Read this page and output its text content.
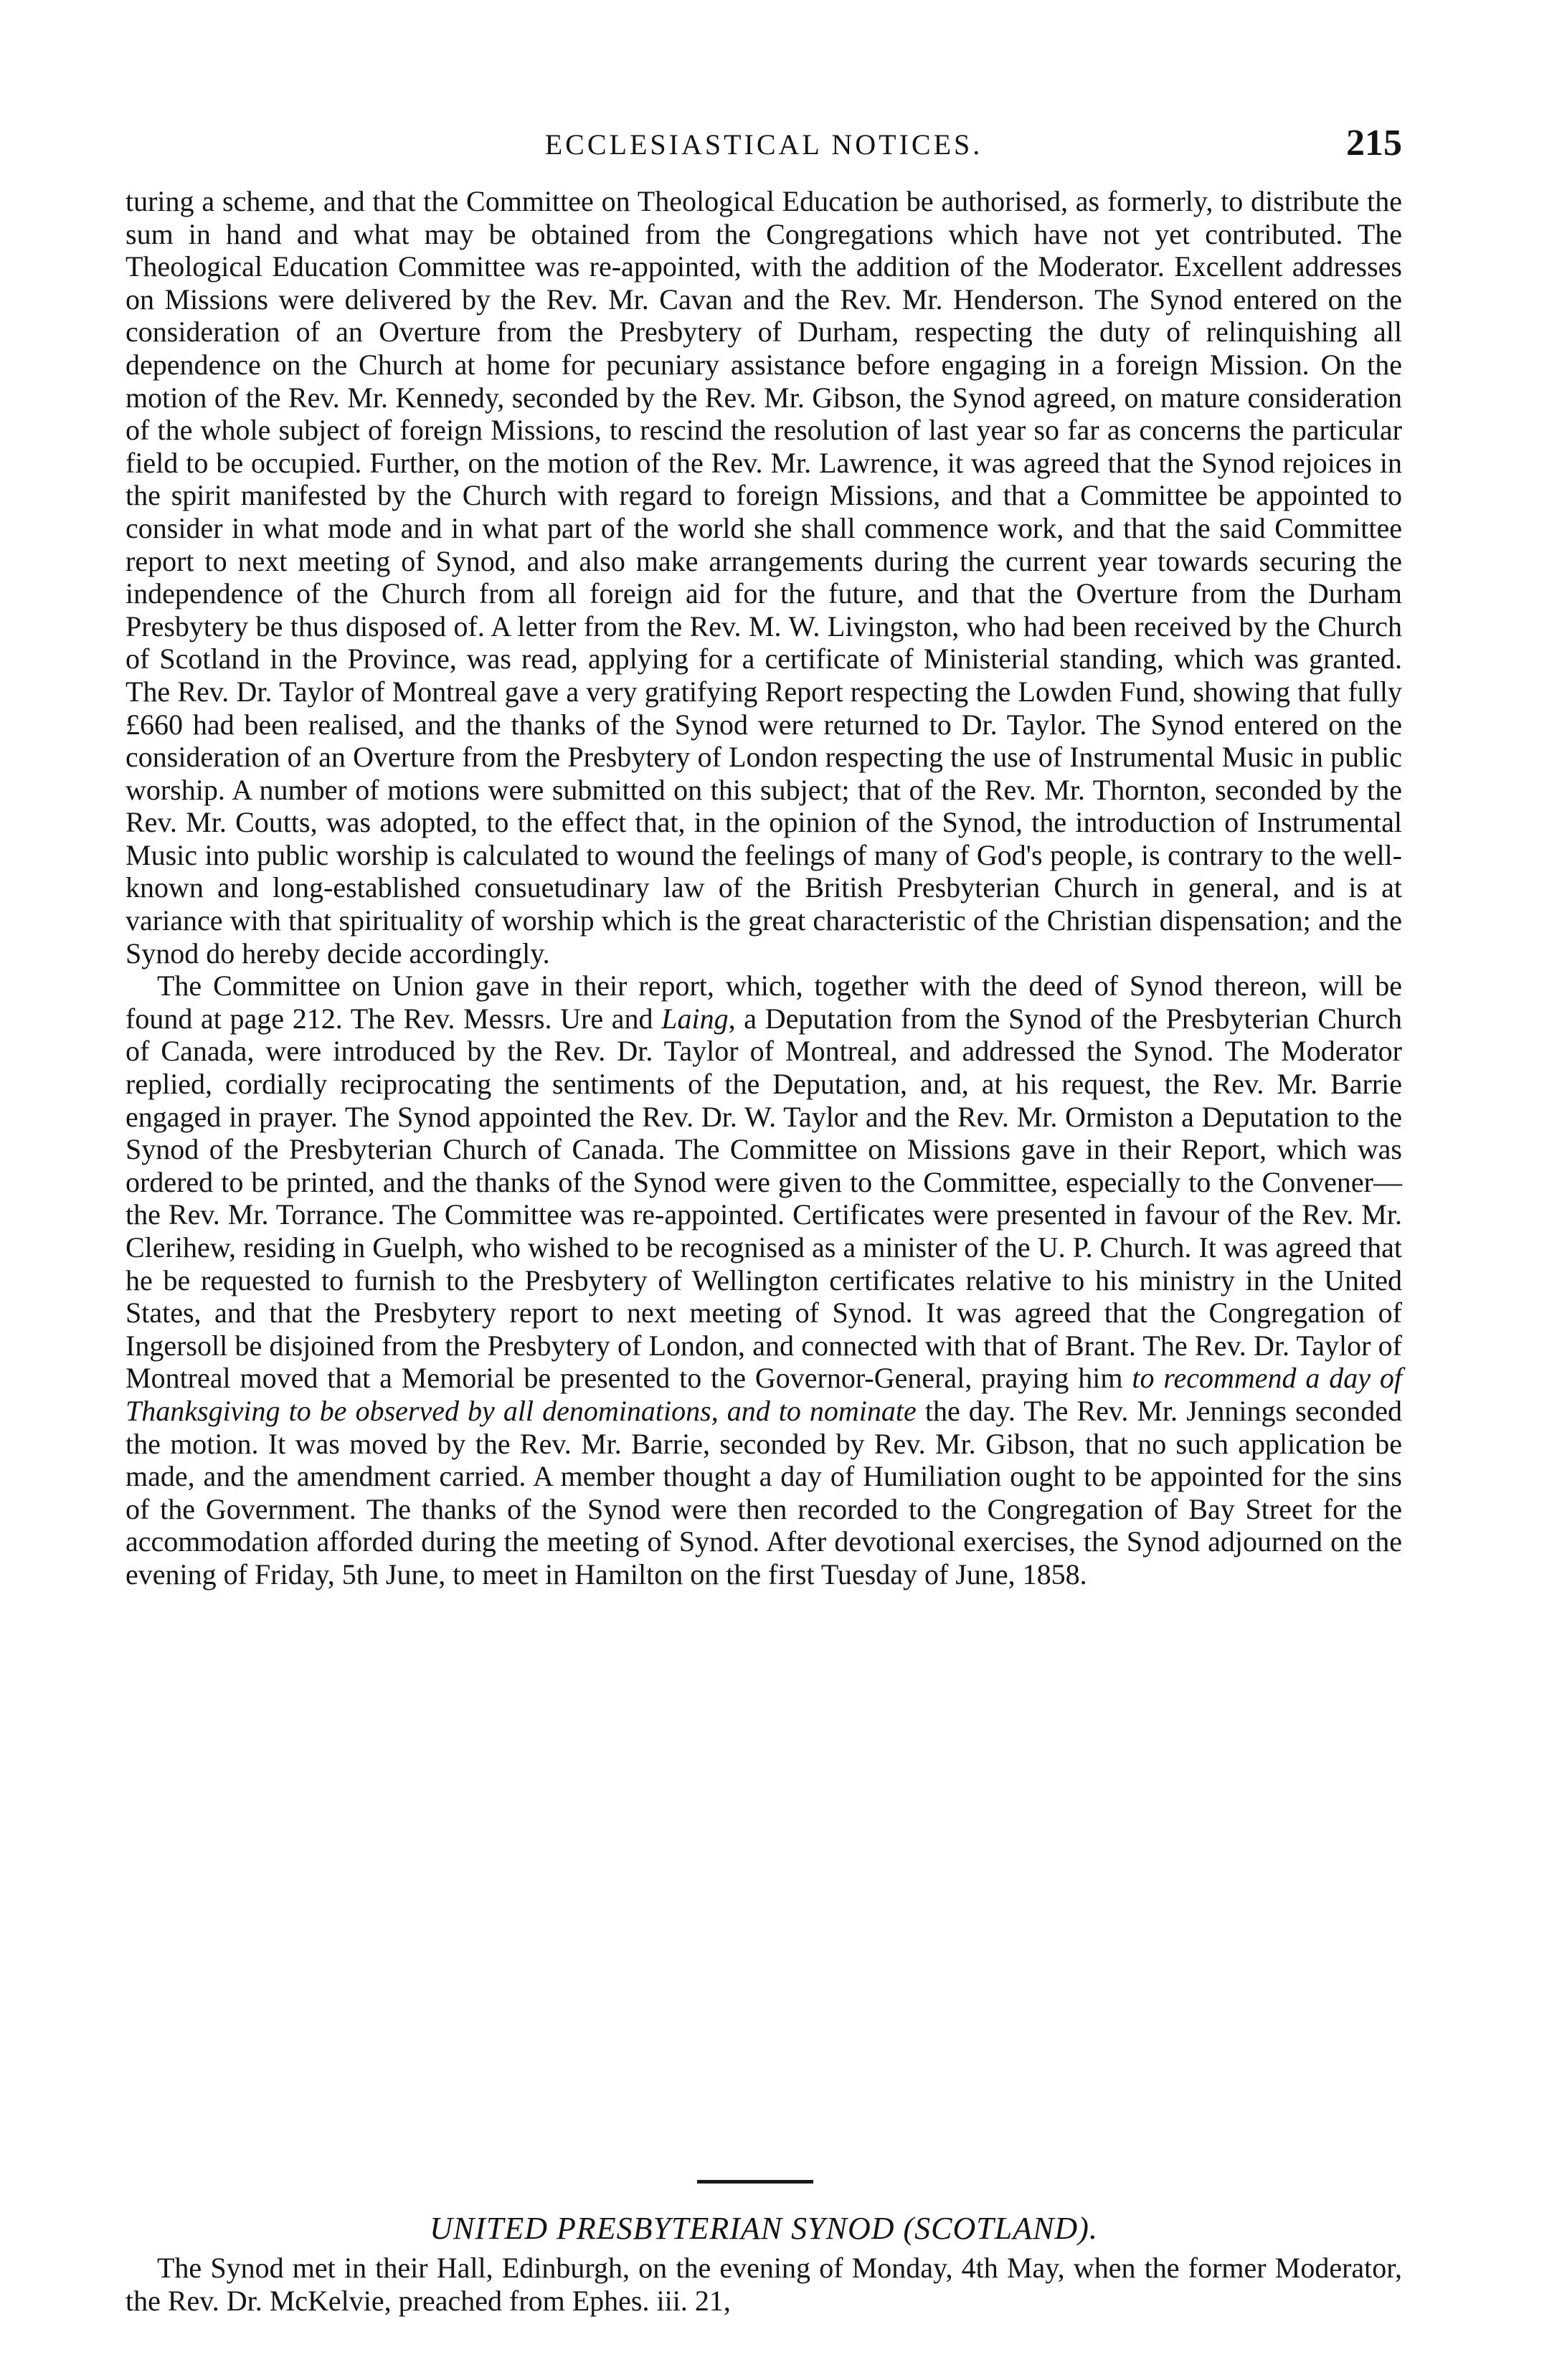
ECCLESIASTICAL NOTICES.	215

turing a scheme, and that the Committee on Theological Education be authorised, as formerly, to distribute the sum in hand and what may be obtained from the Congregations which have not yet contributed. The Theological Education Committee was re-appointed, with the addition of the Moderator. Excellent addresses on Missions were delivered by the Rev. Mr. Cavan and the Rev. Mr. Henderson. The Synod entered on the consideration of an Overture from the Presbytery of Durham, respecting the duty of relinquishing all dependence on the Church at home for pecuniary assistance before engaging in a foreign Mission. On the motion of the Rev. Mr. Kennedy, seconded by the Rev. Mr. Gibson, the Synod agreed, on mature consideration of the whole subject of foreign Missions, to rescind the resolution of last year so far as concerns the particular field to be occupied. Further, on the motion of the Rev. Mr. Lawrence, it was agreed that the Synod rejoices in the spirit manifested by the Church with regard to foreign Missions, and that a Committee be appointed to consider in what mode and in what part of the world she shall commence work, and that the said Committee report to next meeting of Synod, and also make arrangements during the current year towards securing the independence of the Church from all foreign aid for the future, and that the Overture from the Durham Presbytery be thus disposed of. A letter from the Rev. M. W. Livingston, who had been received by the Church of Scotland in the Province, was read, applying for a certificate of Ministerial standing, which was granted. The Rev. Dr. Taylor of Montreal gave a very gratifying Report respecting the Lowden Fund, showing that fully £660 had been realised, and the thanks of the Synod were returned to Dr. Taylor. The Synod entered on the consideration of an Overture from the Presbytery of London respecting the use of Instrumental Music in public worship. A number of motions were submitted on this subject; that of the Rev. Mr. Thornton, seconded by the Rev. Mr. Coutts, was adopted, to the effect that, in the opinion of the Synod, the introduction of Instrumental Music into public worship is calculated to wound the feelings of many of God's people, is contrary to the well-known and long-established consuetudinary law of the British Presbyterian Church in general, and is at variance with that spirituality of worship which is the great characteristic of the Christian dispensation; and the Synod do hereby decide accordingly.

The Committee on Union gave in their report, which, together with the deed of Synod thereon, will be found at page 212. The Rev. Messrs. Ure and Laing, a Deputation from the Synod of the Presbyterian Church of Canada, were introduced by the Rev. Dr. Taylor of Montreal, and addressed the Synod. The Moderator replied, cordially reciprocating the sentiments of the Deputation, and, at his request, the Rev. Mr. Barrie engaged in prayer. The Synod appointed the Rev. Dr. W. Taylor and the Rev. Mr. Ormiston a Deputation to the Synod of the Presbyterian Church of Canada. The Committee on Missions gave in their Report, which was ordered to be printed, and the thanks of the Synod were given to the Committee, especially to the Convener—the Rev. Mr. Torrance. The Committee was re-appointed. Certificates were presented in favour of the Rev. Mr. Clerihew, residing in Guelph, who wished to be recognised as a minister of the U. P. Church. It was agreed that he be requested to furnish to the Presbytery of Wellington certificates relative to his ministry in the United States, and that the Presbytery report to next meeting of Synod. It was agreed that the Congregation of Ingersoll be disjoined from the Presbytery of London, and connected with that of Brant. The Rev. Dr. Taylor of Montreal moved that a Memorial be presented to the Governor-General, praying him to recommend a day of Thanksgiving to be observed by all denominations, and to nominate the day. The Rev. Mr. Jennings seconded the motion. It was moved by the Rev. Mr. Barrie, seconded by Rev. Mr. Gibson, that no such application be made, and the amendment carried. A member thought a day of Humiliation ought to be appointed for the sins of the Government. The thanks of the Synod were then recorded to the Congregation of Bay Street for the accommodation afforded during the meeting of Synod. After devotional exercises, the Synod adjourned on the evening of Friday, 5th June, to meet in Hamilton on the first Tuesday of June, 1858.

UNITED PRESBYTERIAN SYNOD (SCOTLAND).

The Synod met in their Hall, Edinburgh, on the evening of Monday, 4th May, when the former Moderator, the Rev. Dr. McKelvie, preached from Ephes. iii. 21,
